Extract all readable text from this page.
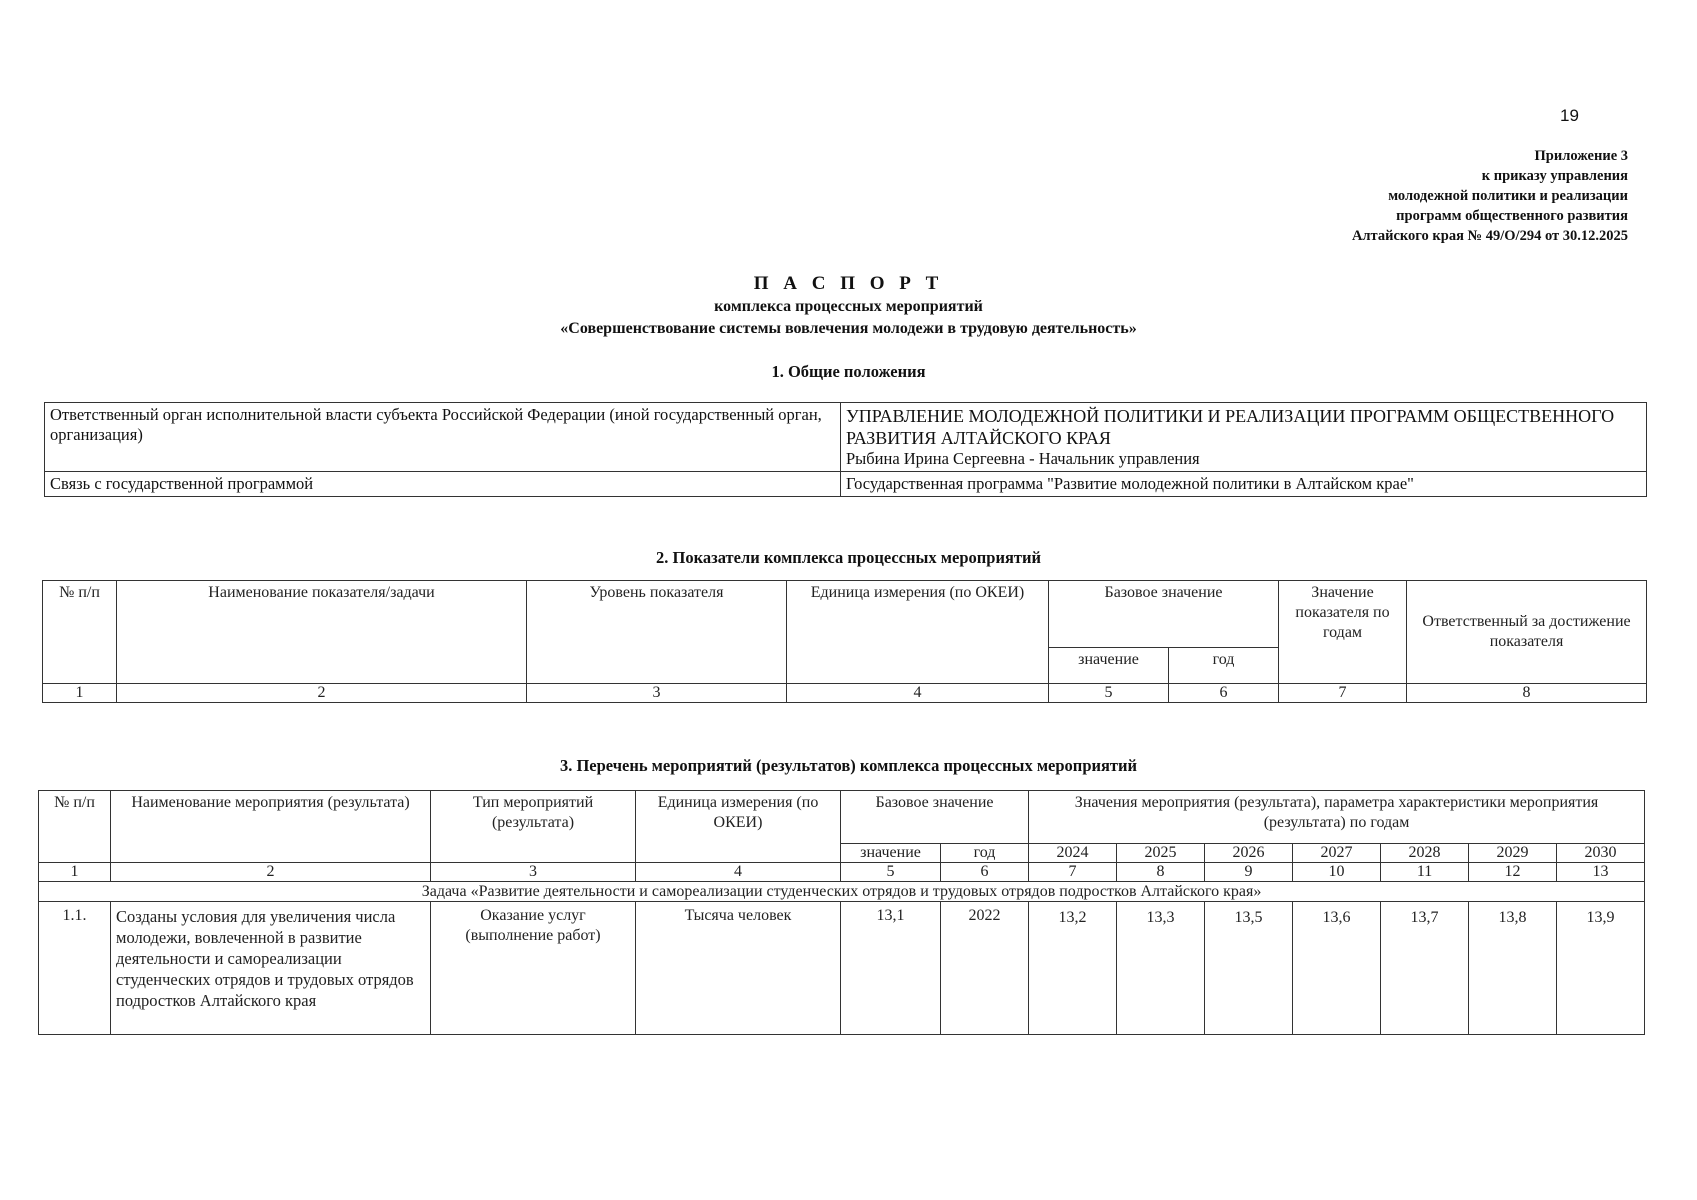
19
Приложение 3
к приказу управления
молодежной политики и реализации
программ общественного развития
Алтайского края № 49/О/294 от 30.12.2025
П А С П О Р Т
комплекса процессных мероприятий
«Совершенствование системы вовлечения молодежи в трудовую деятельность»
1. Общие положения
Ответственный орган исполнительной власти субъекта Российской Федерации (иной государственный орган, организация)	УПРАВЛЕНИЕ МОЛОДЕЖНОЙ ПОЛИТИКИ И РЕАЛИЗАЦИИ ПРОГРАММ ОБЩЕСТВЕННОГО РАЗВИТИЯ АЛТАЙСКОГО КРАЯ
Рыбина Ирина Сергеевна - Начальник управления

Связь с государственной программой	Государственная программа "Развитие молодежной политики в Алтайском крае"
2. Показатели комплекса процессных мероприятий
№ п/п	Наименование показателя/задачи	Уровень показателя	Единица измерения (по ОКЕИ)	Базовое значение		Значение показателя по годам	Ответственный за достижение показателя
				значение	год		
1	2	3	4	5	6	7	8
3. Перечень мероприятий (результатов) комплекса процессных мероприятий
№ п/п	Наименование мероприятия (результата)	Тип мероприятий (результата)	Единица измерения (по ОКЕИ)	Базовое значение		Значения мероприятия (результата), параметра характеристики мероприятия (результата) по годам						
				значение	год	2024	2025	2026	2027	2028	2029	2030
1	2	3	4	5	6	7	8	9	10	11	12	13
Задача «Развитие деятельности и самореализации студенческих отрядов и трудовых отрядов подростков Алтайского края»												
1.1.	Созданы условия для увеличения числа молодежи, вовлеченной в развитие деятельности и самореализации студенческих отрядов и трудовых отрядов подростков Алтайского края	Оказание услуг (выполнение работ)	Тысяча человек	13,1	2022	13,2	13,3	13,5	13,6	13,7	13,8	13,9
